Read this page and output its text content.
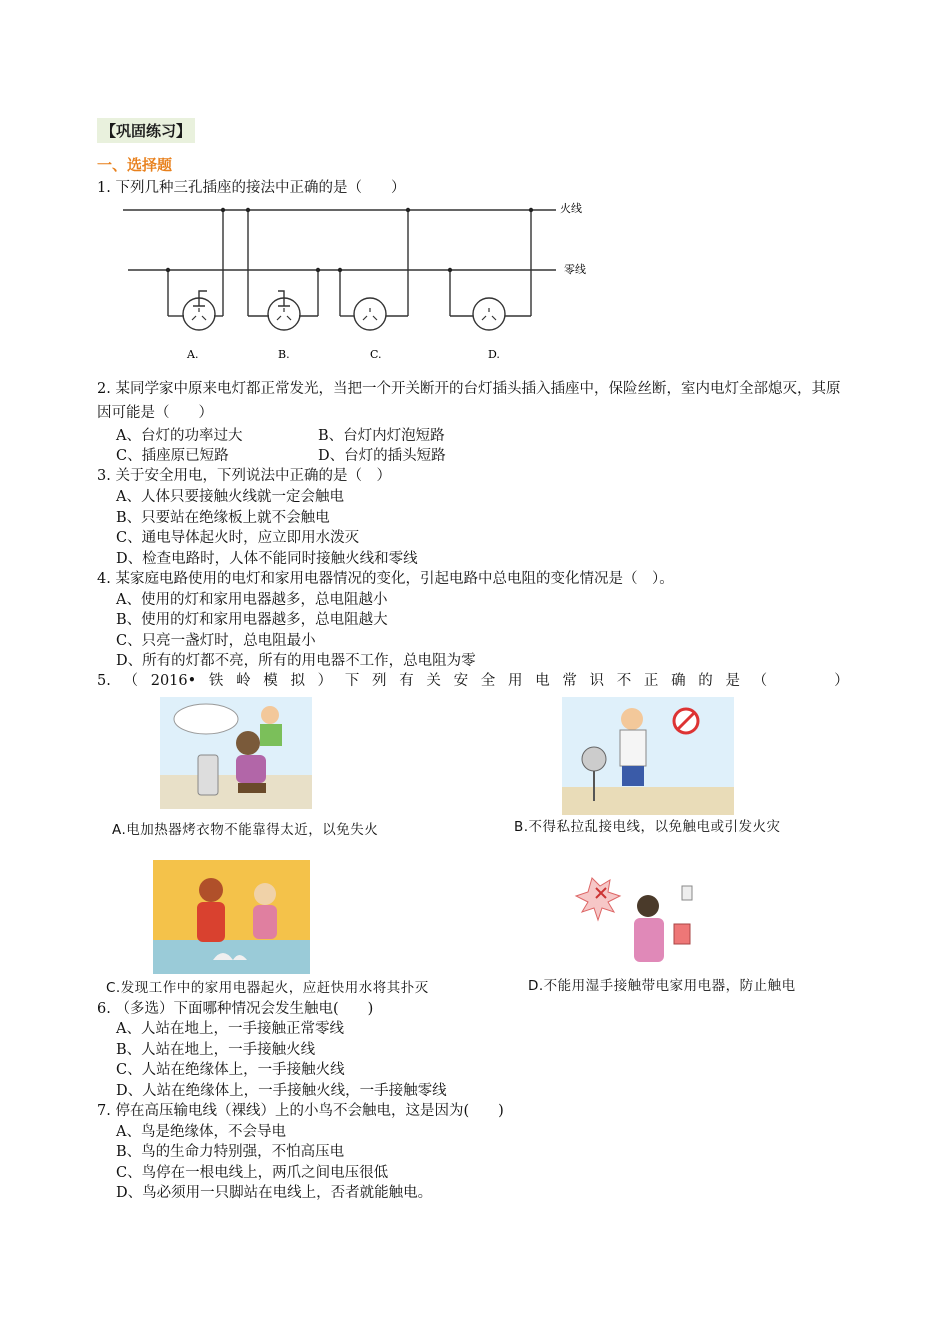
【巩固练习】
一、选择题
1. 下列几种三孔插座的接法中正确的是（　　）
火线
零线
A.	B.	C.	D.
2. 某同学家中原来电灯都正常发光，当把一个开关断开的台灯插头插入插座中，保险丝断，室内电灯全部熄灭，其原因可能是（　　）
A、台灯的功率过大	B、台灯内灯泡短路
C、插座原已短路	D、台灯的插头短路
3. 关于安全用电，下列说法中正确的是（　）
A、人体只要接触火线就一定会触电
B、只要站在绝缘板上就不会触电
C、通电导体起火时，应立即用水泼灭
D、检查电路时，人体不能同时接触火线和零线
4. 某家庭电路使用的电灯和家用电器情况的变化，引起电路中总电阻的变化情况是（　）。
A、使用的灯和家用电器越多，总电阻越小
B、使用的灯和家用电器越多，总电阻越大
C、只亮一盏灯时，总电阻最小
D、所有的灯都不亮，所有的用电器不工作，总电阻为零
5. （ 2016• 铁 岭 模 拟 ） 下 列 有 关 安 全 用 电 常 识 不 正 确 的 是 （

　	）
A.电加热器烤衣物不能靠得太近，以免失火	B.不得私拉乱接电线，以免触电或引发火灾
C.发现工作中的家用电器起火，应赶快用水将其扑灭	D.不能用湿手接触带电家用电器，防止触电
6. （多选）下面哪种情况会发生触电(　　)
A、人站在地上，一手接触正常零线
B、人站在地上，一手接触火线
C、人站在绝缘体上，一手接触火线
D、人站在绝缘体上，一手接触火线，一手接触零线
7. 停在高压输电线（裸线）上的小鸟不会触电，这是因为(　　)
A、鸟是绝缘体，不会导电
B、鸟的生命力特别强，不怕高压电
C、鸟停在一根电线上，两爪之间电压很低
D、鸟必须用一只脚站在电线上，否者就能触电。
